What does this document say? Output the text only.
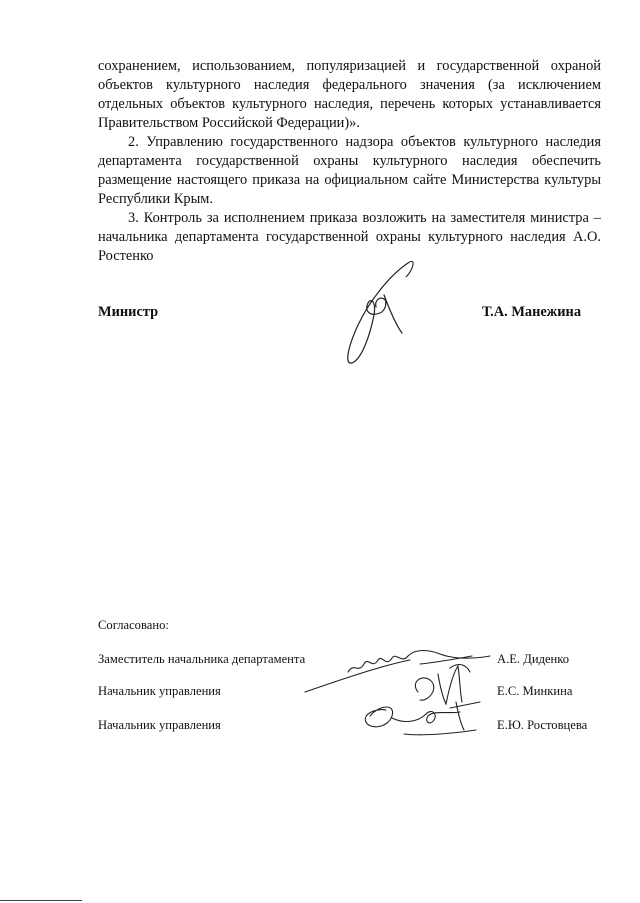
сохранением, использованием, популяризацией и государственной охраной объектов культурного наследия федерального значения (за исключением отдельных объектов культурного наследия, перечень которых устанавливается Правительством Российской Федерации)».

2. Управлению государственного надзора объектов культурного наследия департамента государственной охраны культурного наследия обеспечить размещение настоящего приказа на официальном сайте Министерства культуры Республики Крым.

3. Контроль за исполнением приказа возложить на заместителя министра – начальника департамента государственной охраны культурного наследия А.О. Ростенко

Министр	Т.А. Манежина
Согласовано:
Заместитель начальника департамента	А.Е. Диденко
Начальник управления	Е.С. Минкина
Начальник управления	Е.Ю. Ростовцева
